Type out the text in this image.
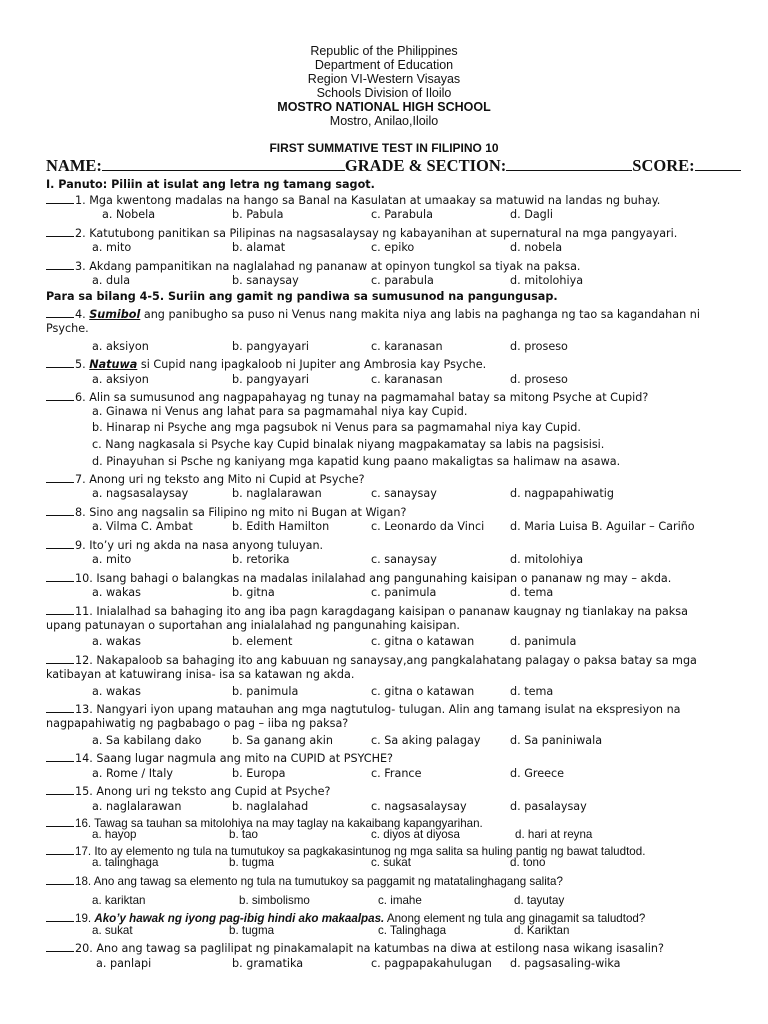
Republic of the Philippines
Department of Education
Region VI-Western Visayas
Schools Division of Iloilo
MOSTRO NATIONAL HIGH SCHOOL
Mostro, Anilao,Iloilo
FIRST SUMMATIVE TEST IN FILIPINO 10
NAME:	GRADE & SECTION:	SCORE:
I. Panuto: Piliin at isulat ang letra ng tamang sagot.
1. Mga kwentong madalas na hango sa Banal na Kasulatan at umaakay sa matuwid na landas ng buhay.
a. Nobela	b. Pabula	c. Parabula	d. Dagli
2. Katutubong panitikan sa Pilipinas na nagsasalaysay ng kabayanihan at supernatural na mga pangyayari.
a. mito	b. alamat	c. epiko	d. nobela
3. Akdang pampanitikan na naglalahad ng pananaw at opinyon tungkol sa tiyak na paksa.
a. dula	b. sanaysay	c. parabula	d. mitolohiya
Para sa bilang 4-5. Suriin ang gamit ng pandiwa sa sumusunod na pangungusap.
4. Sumibol ang panibugho sa puso ni Venus nang makita niya ang labis na paghanga ng tao sa kagandahan ni
Psyche.
a. aksiyon	b. pangyayari	c. karanasan	d. proseso
5. Natuwa si Cupid nang ipagkaloob ni Jupiter ang Ambrosia kay Psyche.
a. aksiyon	b. pangyayari	c. karanasan	d. proseso
6. Alin sa sumusunod ang nagpapahayag ng tunay na pagmamahal batay sa mitong Psyche at Cupid?
a. Ginawa ni Venus ang lahat para sa pagmamahal niya kay Cupid.
b. Hinarap ni Psyche ang mga pagsubok ni Venus para sa pagmamahal niya kay Cupid.
c. Nang nagkasala si Psyche kay Cupid binalak niyang magpakamatay sa labis na pagsisisi.
d. Pinayuhan si Psche ng kaniyang mga kapatid kung paano makaligtas sa halimaw na asawa.
7. Anong uri ng teksto ang Mito ni Cupid at Psyche?
a. nagsasalaysay	b. naglalarawan	c. sanaysay	d. nagpapahiwatig
8. Sino ang nagsalin sa Filipino ng mito ni Bugan at Wigan?
a. Vilma C. Ambat	b. Edith Hamilton	c. Leonardo da Vinci d. Maria Luisa B. Aguilar – Cariño
9. Ito’y uri ng akda na nasa anyong tuluyan.
a. mito	b. retorika	c. sanaysay	d. mitolohiya
10. Isang bahagi o balangkas na madalas inilalahad ang pangunahing kaisipan o pananaw ng may – akda.
a. wakas	b. gitna	c. panimula	d. tema
11. Inialalhad sa bahaging ito ang iba pagn karagdagang kaisipan o pananaw kaugnay ng tianlakay na paksa
upang patunayan o suportahan ang inialalahad ng pangunahing kaisipan.
a. wakas	b. element	c. gitna o katawan	d. panimula
12. Nakapaloob sa bahaging ito ang kabuuan ng sanaysay,ang pangkalahatang palagay o paksa batay sa mga
katibayan at katuwirang inisa- isa sa katawan ng akda.
a. wakas	b. panimula	c. gitna o katawan	d. tema
13. Nangyari iyon upang matauhan ang mga nagtutulog- tulugan. Alin ang tamang isulat na ekspresiyon na
nagpapahiwatig ng pagbabago o pag – iiba ng paksa?
a. Sa kabilang dako	b. Sa ganang akin	c. Sa aking palagay	d. Sa paniniwala
14. Saang lugar nagmula ang mito na CUPID at PSYCHE?
a. Rome / Italy	b. Europa	c. France	d. Greece
15. Anong uri ng teksto ang Cupid at Psyche?
a. naglalarawan	b. naglalahad	c. nagsasalaysay	d. pasalaysay
16. Tawag sa tauhan sa mitolohiya na may taglay na kakaibang kapangyarihan.
a. hayop	b. tao	c. diyos at diyosa	d. hari at reyna
17. Ito ay elemento ng tula na tumutukoy sa pagkakasintunog ng mga salita sa huling pantig ng bawat taludtod.
a. talinghaga	b. tugma	c. sukat	d. tono
18. Ano ang tawag sa elemento ng tula na tumutukoy sa paggamit ng matatalinghagang salita?
a. kariktan	b. simbolismo	c. imahe	d. tayutay
19. Ako’y hawak ng iyong pag-ibig hindi ako makaalpas. Anong element ng tula ang ginagamit sa taludtod?
a. sukat	b. tugma	c. Talinghaga	d. Kariktan
20. Ano ang tawag sa paglilipat ng pinakamalapit na katumbas na diwa at estilong nasa wikang isasalin?
a. panlapi	b. gramatika	c. pagpapakahulugan d. pagsasaling-wika
